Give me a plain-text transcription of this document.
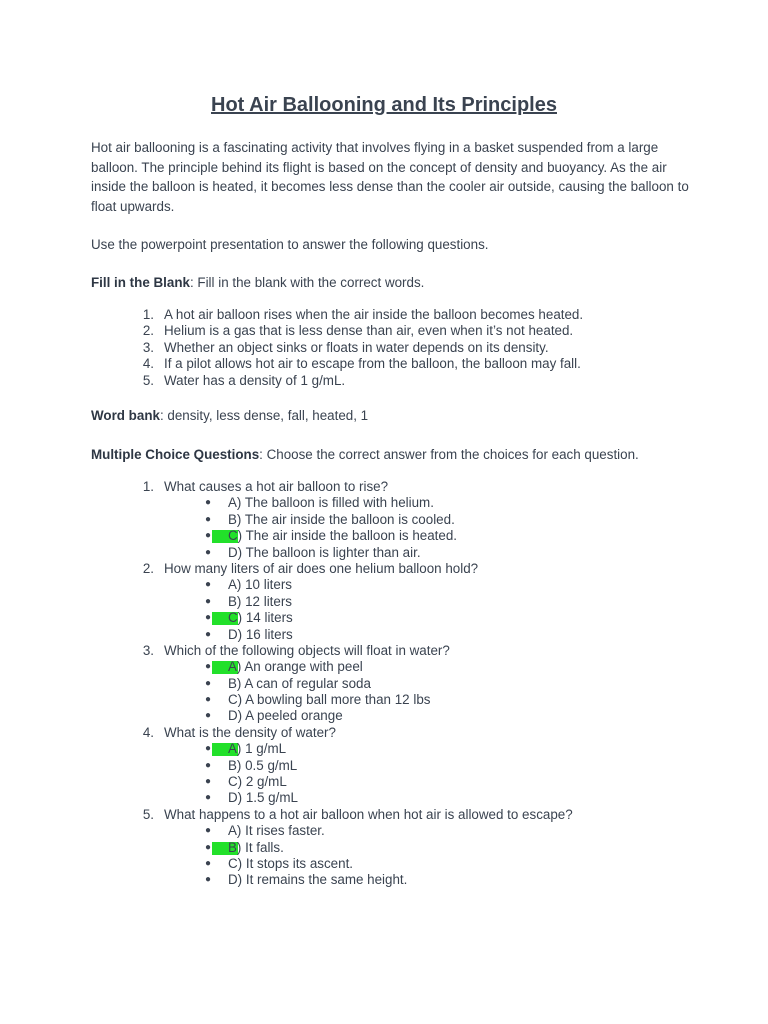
Hot Air Ballooning and Its Principles

Hot air ballooning is a fascinating activity that involves flying in a basket suspended from a large balloon. The principle behind its flight is based on the concept of density and buoyancy. As the air inside the balloon is heated, it becomes less dense than the cooler air outside, causing the balloon to float upwards.

Use the powerpoint presentation to answer the following questions.

Fill in the Blank: Fill in the blank with the correct words.

1. A hot air balloon rises when the air inside the balloon becomes heated.
2. Helium is a gas that is less dense than air, even when it’s not heated.
3. Whether an object sinks or floats in water depends on its density.
4. If a pilot allows hot air to escape from the balloon, the balloon may fall.
5. Water has a density of 1 g/mL.

Word bank: density, less dense, fall, heated, 1

Multiple Choice Questions: Choose the correct answer from the choices for each question.

1. What causes a hot air balloon to rise?
● A) The balloon is filled with helium.
● B) The air inside the balloon is cooled.
● C) The air inside the balloon is heated.
● D) The balloon is lighter than air.
2. How many liters of air does one helium balloon hold?
● A) 10 liters
● B) 12 liters
● C) 14 liters
● D) 16 liters
3. Which of the following objects will float in water?
● A) An orange with peel
● B) A can of regular soda
● C) A bowling ball more than 12 lbs
● D) A peeled orange
4. What is the density of water?
● A) 1 g/mL
● B) 0.5 g/mL
● C) 2 g/mL
● D) 1.5 g/mL
5. What happens to a hot air balloon when hot air is allowed to escape?
● A) It rises faster.
● B) It falls.
● C) It stops its ascent.
● D) It remains the same height.
